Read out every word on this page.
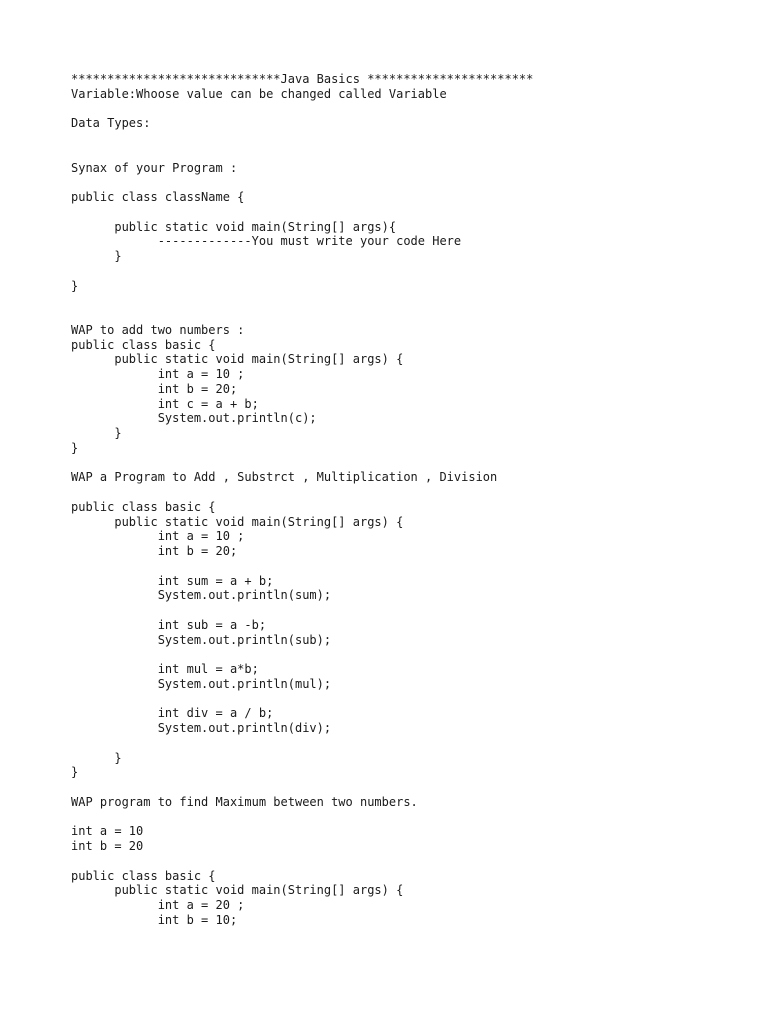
*****************************Java Basics ***********************
Variable:Whoose value can be changed called Variable
Data Types:
Synax of your Program :
public class className {
public static void main(String[] args){
-------------You must write your code Here
}
}
WAP to add two numbers :
public class basic {
public static void main(String[] args) {
int a = 10 ;
int b = 20;
int c = a + b;
System.out.println(c);
}
}
WAP a Program to Add , Substrct , Multiplication , Division
public class basic {
public static void main(String[] args) {
int a = 10 ;
int b = 20;
int sum = a + b;
System.out.println(sum);
int sub = a -b;
System.out.println(sub);
int mul = a*b;
System.out.println(mul);
int div = a / b;
System.out.println(div);
}
}
WAP program to find Maximum between two numbers.
int a = 10
int b = 20
public class basic {
public static void main(String[] args) {
int a = 20 ;
int b = 10;
